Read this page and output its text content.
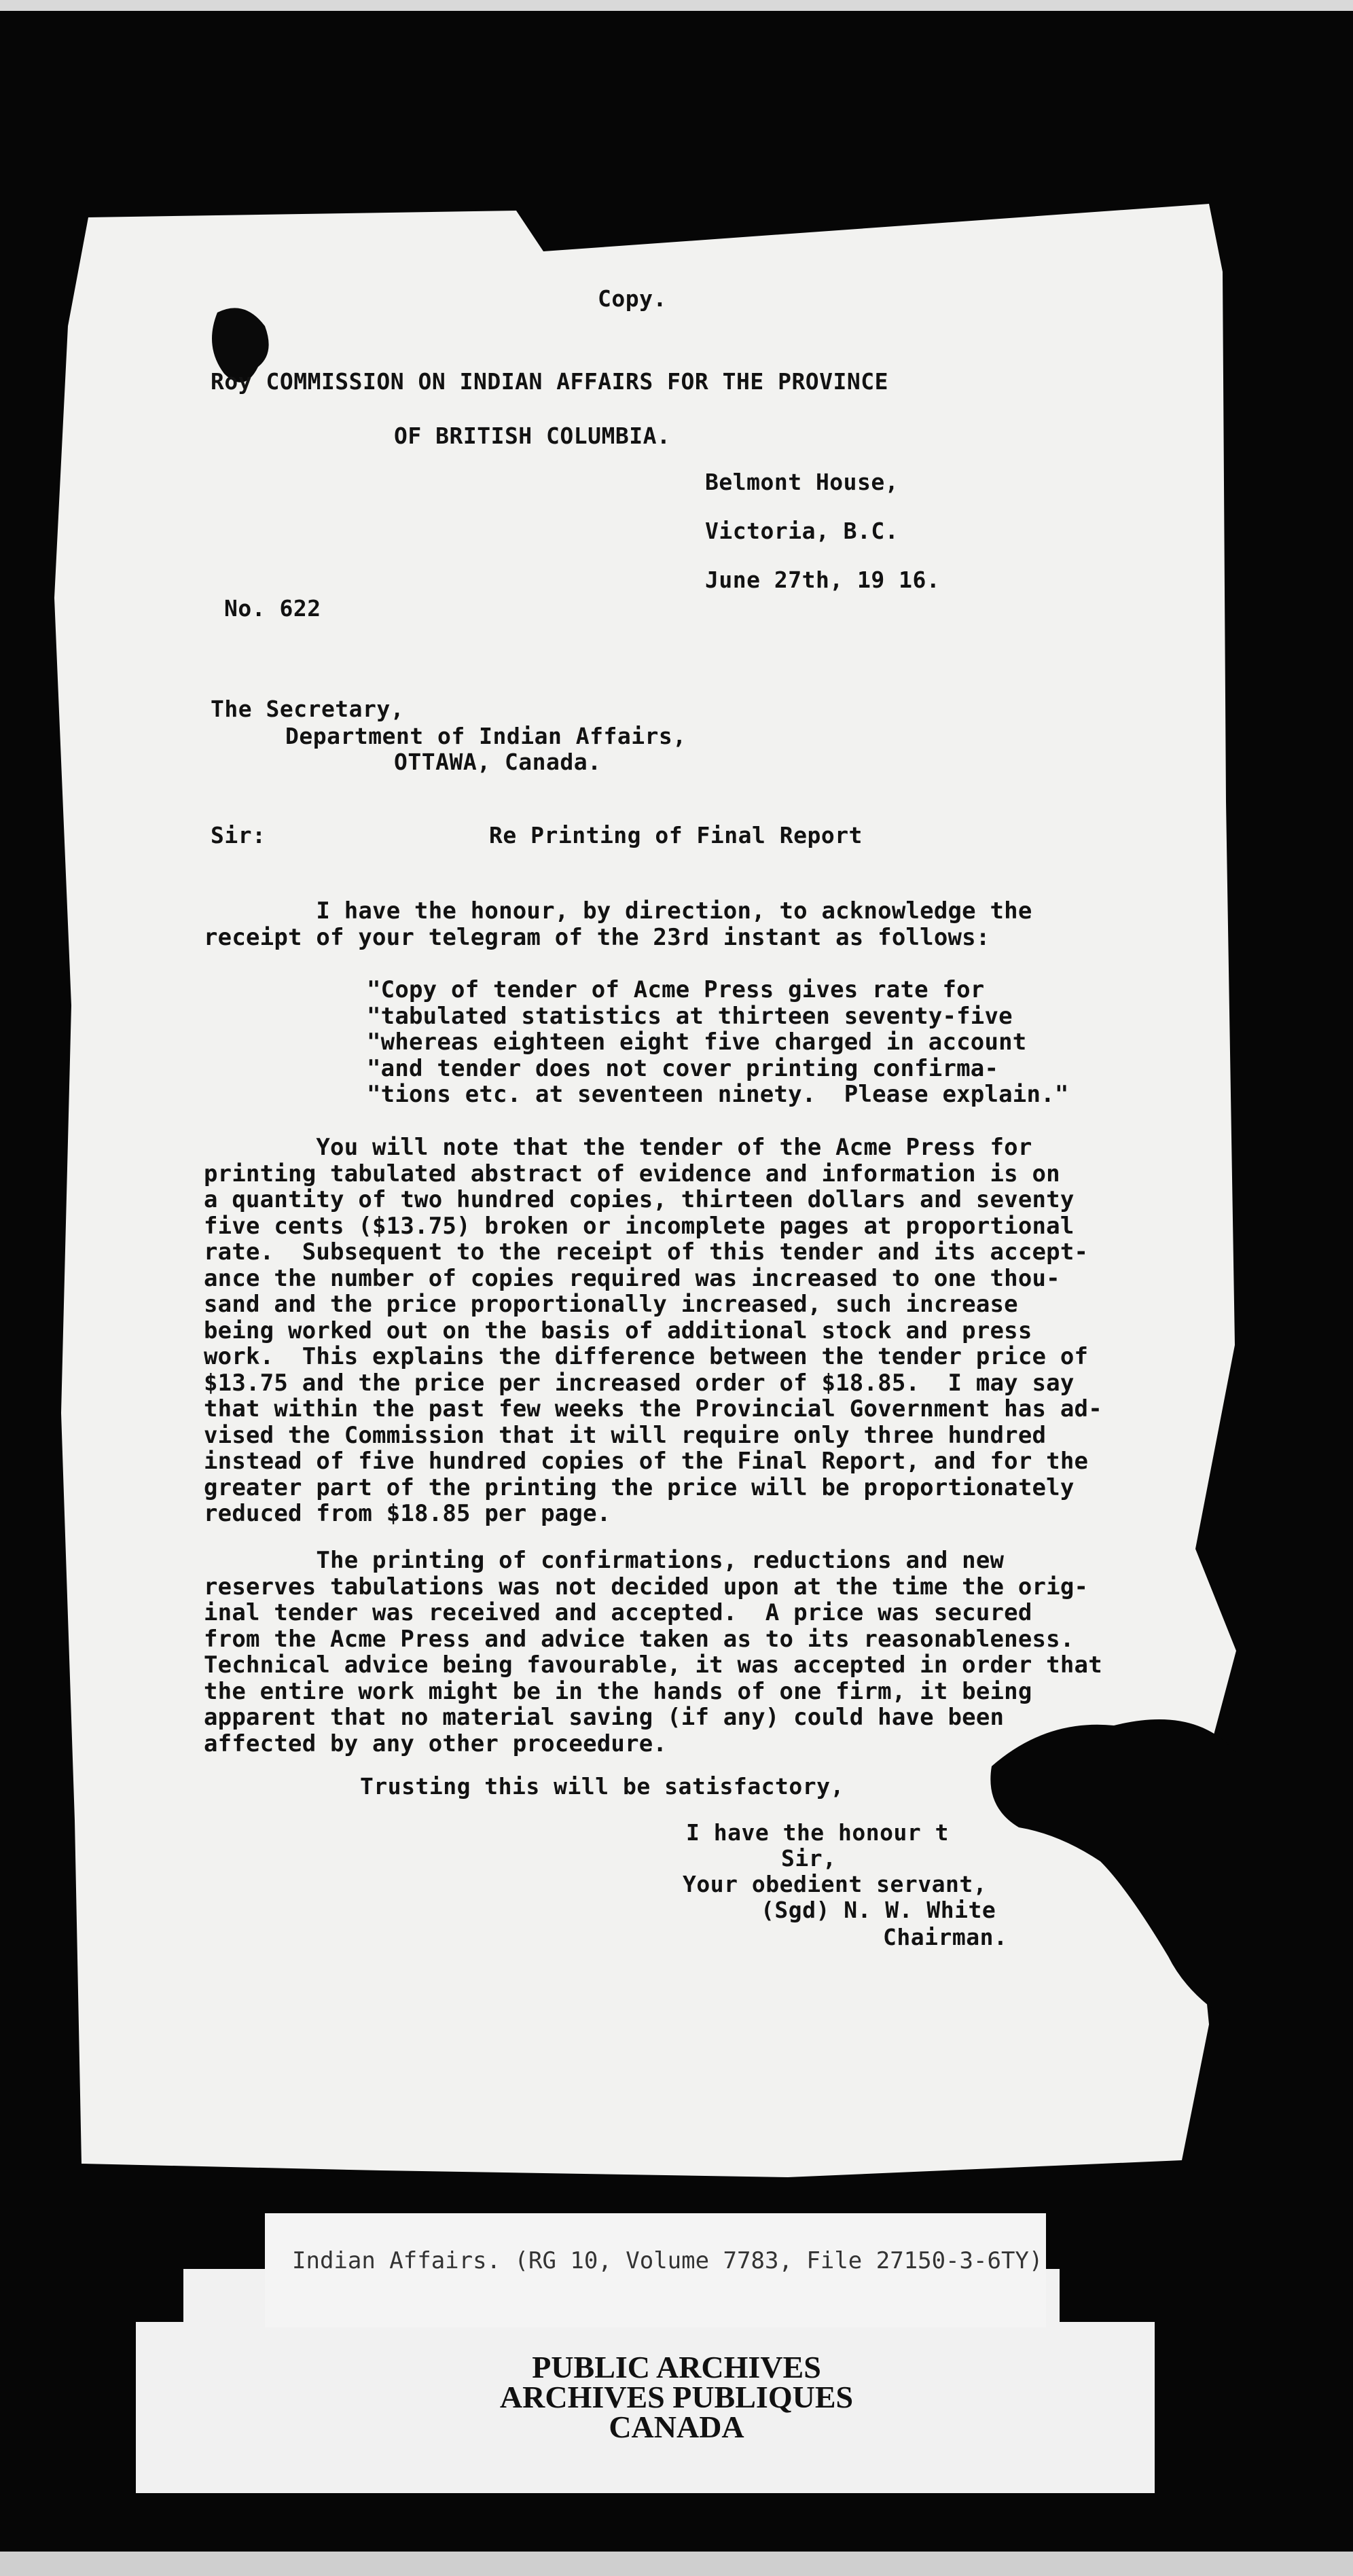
Copy.
Roy COMMISSION ON INDIAN AFFAIRS FOR THE PROVINCE
OF BRITISH COLUMBIA.
Belmont House,
Victoria, B.C.
June 27th, 19 16.
No. 622
The Secretary,
Department of Indian Affairs,
OTTAWA, Canada.
Sir:	Re Printing of Final Report
I have the honour, by direction, to acknowledge the
receipt of your telegram of the 23rd instant as follows:
"Copy of tender of Acme Press gives rate for
"tabulated statistics at thirteen seventy-five
"whereas eighteen eight five charged in account
"and tender does not cover printing confirma-
"tions etc. at seventeen ninety.  Please explain."
You will note that the tender of the Acme Press for
printing tabulated abstract of evidence and information is on
a quantity of two hundred copies, thirteen dollars and seventy
five cents ($13.75) broken or incomplete pages at proportional
rate.  Subsequent to the receipt of this tender and its accept-
ance the number of copies required was increased to one thou-
sand and the price proportionally increased, such increase
being worked out on the basis of additional stock and press
work.  This explains the difference between the tender price of
$13.75 and the price per increased order of $18.85.  I may say
that within the past few weeks the Provincial Government has ad-
vised the Commission that it will require only three hundred
instead of five hundred copies of the Final Report, and for the
greater part of the printing the price will be proportionately
reduced from $18.85 per page.
The printing of confirmations, reductions and new
reserves tabulations was not decided upon at the time the orig-
inal tender was received and accepted.  A price was secured
from the Acme Press and advice taken as to its reasonableness.
Technical advice being favourable, it was accepted in order that
the entire work might be in the hands of one firm, it being
apparent that no material saving (if any) could have been
affected by any other proceedure.
Trusting this will be satisfactory,
I have the honour t
Sir,
Your obedient servant,
(Sgd) N. W. White
Chairman.
Indian Affairs. (RG 10, Volume 7783, File 27150-3-6TY)
PUBLIC ARCHIVES
ARCHIVES PUBLIQUES
CANADA
